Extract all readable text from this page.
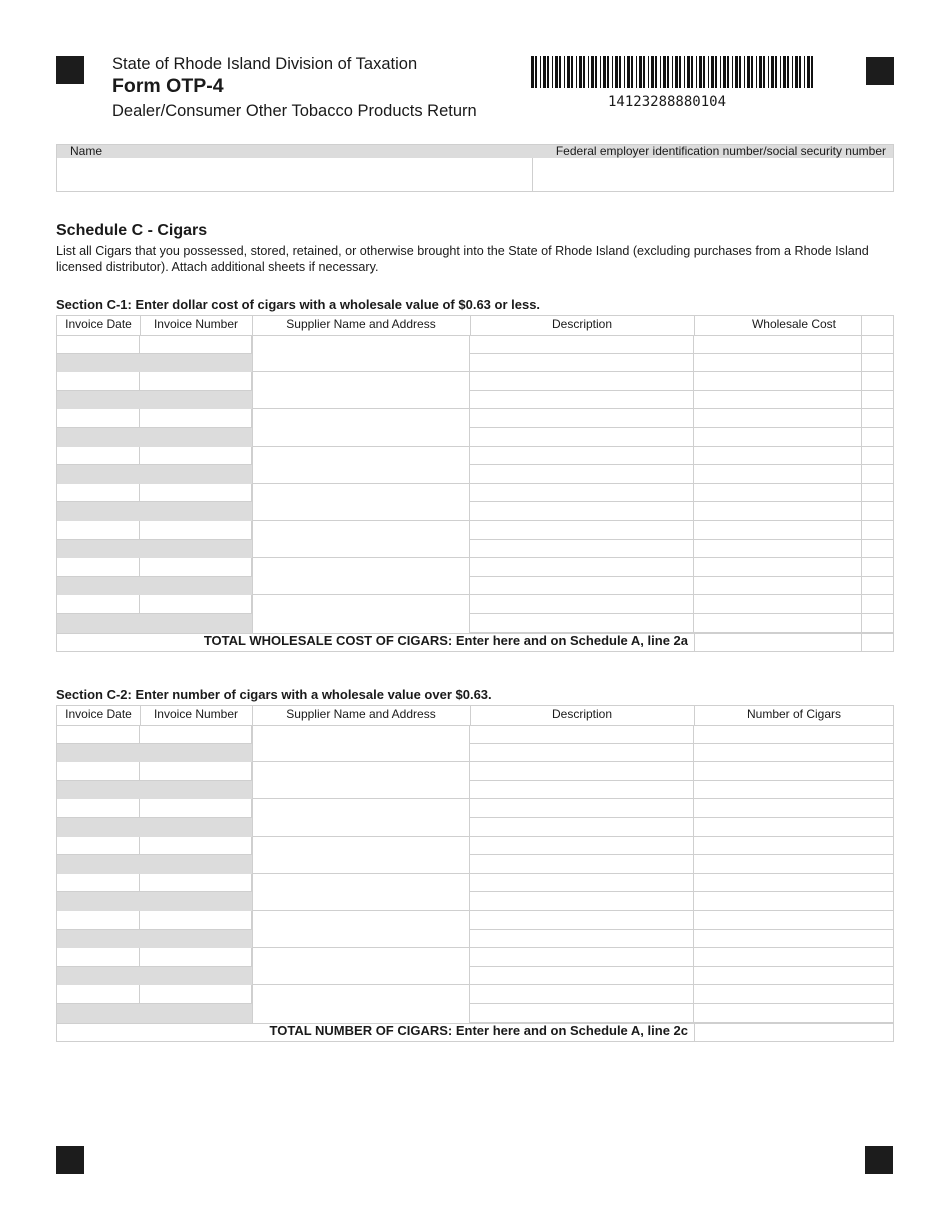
State of Rhode Island Division of Taxation
Form OTP-4
Dealer/Consumer Other Tobacco Products Return	14123288880104
Name	Federal employer identification number/social security number
Schedule C - Cigars
List all Cigars that you possessed, stored, retained, or otherwise brought into the State of Rhode Island (excluding purchases from a Rhode Island licensed distributor). Attach additional sheets if necessary.
Section C-1: Enter dollar cost of cigars with a wholesale value of $0.63 or less.
Invoice Date	Invoice Number	Supplier Name and Address	Description	Wholesale Cost
TOTAL WHOLESALE COST OF CIGARS: Enter here and on Schedule A, line 2a
Section C-2: Enter number of cigars with a wholesale value over $0.63.
Invoice Date	Invoice Number	Supplier Name and Address	Description	Number of Cigars
TOTAL NUMBER OF CIGARS: Enter here and on Schedule A, line 2c
